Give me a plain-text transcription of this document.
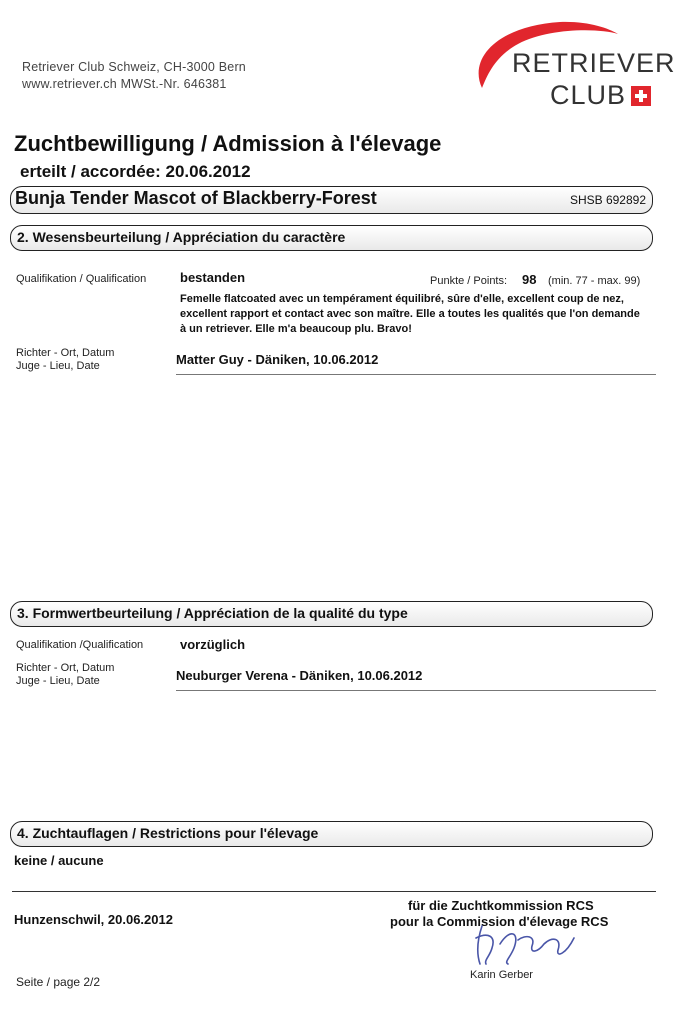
Retriever Club Schweiz, CH-3000 Bern
www.retriever.ch MWSt.-Nr. 646381
RETRIEVER
CLUB
Zuchtbewilligung / Admission à l'élevage
erteilt / accordée: 20.06.2012
Bunja Tender Mascot of Blackberry-Forest	SHSB 692892
2. Wesensbeurteilung / Appréciation du caractère
Qualifikation / Qualification	bestanden	Punkte / Points: 98 (min. 77 - max. 99)
Femelle flatcoated avec un tempérament équilibré, sûre d'elle, excellent coup de nez,
excellent rapport et contact avec son maître. Elle a toutes les qualités que l'on demande
à un retriever. Elle m'a beaucoup plu. Bravo!
Richter - Ort, Datum
Juge - Lieu, Date	Matter Guy - Däniken, 10.06.2012
3. Formwertbeurteilung / Appréciation de la qualité du type
Qualifikation /Qualification	vorzüglich
Richter - Ort, Datum
Juge - Lieu, Date	Neuburger Verena - Däniken, 10.06.2012
4. Zuchtauflagen / Restrictions pour l'élevage
keine / aucune
Hunzenschwil, 20.06.2012
für die Zuchtkommission RCS
pour la Commission d'élevage RCS
Karin Gerber
Seite / page 2/2
